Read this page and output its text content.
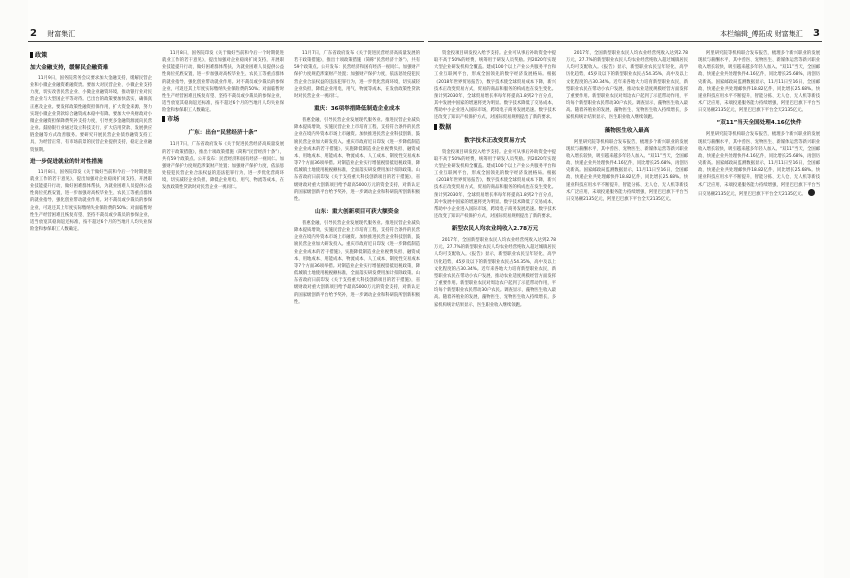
2 财富集汇
政策
加大金融支持，缓解民企融资难

11月9日，国务院常务会议要求加大金融支持，缓解民营企业和小微企业融资难融资贵。要加大对民营企业、小微企业支持力度，切实改善民营企业、小微企业融资环境，推动银行业对民营企业与大型国企平等对待。已出台的政策要加快落实，确保真正惠及企业。要发挥政策性融资担保作用，扩大资金来源，努力实现小微企业贷款综合融资成本稳中有降。要加大中央财政对小微企业融资担保降费奖补支持力度，引导更多金融资源流向民营企业。鼓励银行业通过设立科技支行、扩大信用贷款、发展供应链金融等方式改善服务。要研究开展民营企业债券融资支持工具，为经营正常、有市场前景的民营企业提供支持，稳定企业融资预期。

进一步促进就业的针对性措施

11月8日，国务院印发《关于做好当前和今后一个时期促进就业工作的若干意见》，提出加强对企业稳岗扩岗支持，开展职业技能提升行动，做好困难群体帮扶，为就业困难人员提供公益性岗位托底安置，进一步加强对高校毕业生、农民工等重点群体的就业指导，强化创业带动就业作用。对不裁员或少裁员的参保企业，可返还其上年度实际缴纳失业保险费的50%；对面临暂时性生产经营困难且恢复有望、坚持不裁员或少裁员的参保企业，适当放宽其稳岗返还标准，按不超过6个月的当地月人均失业保险金和参保职工人数确定。

11月8日，国务院印发《关于做好当前和今后一个时期促进就业工作的若干意见》，提出加强对企业稳岗扩岗支持，开展职业技能提升行动，做好困难群体帮扶，为就业困难人员提供公益性岗位托底安置，进一步加强对高校毕业生、农民工等重点群体的就业指导，强化创业带动就业作用。对不裁员或少裁员的参保企业，可返还其上年度实际缴纳失业保险费的50%；对面临暂时性生产经营困难且恢复有望、坚持不裁员或少裁员的参保企业，适当放宽其稳岗返还标准，按不超过6个月的当地月人均失业保险金和参保职工人数确定。

市场
广东：出台“民营经济十条”

11月7日，广东省政府发布《关于促进民营经济高质量发展的若干政策措施》，推出十项政策措施（简称“民营经济十条”），共有59个政策点。公开发布：民营经济和国有经济一视同仁。加强财产保护力度规范涉案财产处置；加强财产保护力度，依法惩处侵犯民营企业合法权益的违法犯罪行为，进一步优化营商环境，切实减轻企业负担，降低企业用电、用气、物流等成本，在发放政策性贷款时对民营企业一视同仁。

11月7日，广东省政府发布《关于促进民营经济高质量发展的若干政策措施》，推出十项政策措施（简称“民营经济十条”），共有59个政策点。公开发布：民营经济和国有经济一视同仁。加强财产保护力度规范涉案财产处置；加强财产保护力度，依法惩处侵犯民营企业合法权益的违法犯罪行为，进一步优化营商环境，切实减轻企业负担，降低企业用电、用气、物流等成本，在发放政策性贷款时对民营企业一视同仁。

重庆：36项举措降低制造企业成本

普惠金融，引导民营企业发展现代服务业。推进民营企业减负降本提质增效，实施民营企业上市培育工程，支持符合条件的民营企业在境内外资本市场上市融资。加快推进民营企业科技创新，鼓励民营企业加大研发投入。重庆市政府近日印发《进一步降低制造业企业成本的若干措施》，实施降低制造业企业税费负担、融资成本、用地成本、用能成本、物流成本、人工成本、制度性交易成本等7个方面36项举措。对制造业企业实行增值税留抵退税政策，降低城镇土地使用税税额标准，全面落实研发费用加计扣除政策。山东省政府日前印发《关于支持重大科技创新项目的若干措施》，省级财政对重大创新项目给予最高5000万元的资金支持，对新认定的国家级创新平台给予奖补，进一步调动企业和科研院所创新积极性。

山东：重大创新项目可获大额资金

普惠金融，引导民营企业发展现代服务业。推进民营企业减负降本提质增效，实施民营企业上市培育工程，支持符合条件的民营企业在境内外资本市场上市融资。加快推进民营企业科技创新，鼓励民营企业加大研发投入。重庆市政府近日印发《进一步降低制造业企业成本的若干措施》，实施降低制造业企业税费负担、融资成本、用地成本、用能成本、物流成本、人工成本、制度性交易成本等7个方面36项举措。对制造业企业实行增值税留抵退税政策，降低城镇土地使用税税额标准，全面落实研发费用加计扣除政策。山东省政府日前印发《关于支持重大科技创新项目的若干措施》，省级财政对重大创新项目给予最高5000万元的资金支持，对新认定的国家级创新平台给予奖补，进一步调动企业和科研院所创新积极性。

本栏编辑_傅拓成 财富集汇 3

资金投项目研发投入给予支持。企业可从事后补助资金中提取不高于50%的经费，统筹用于研发人员奖励。到2020年实现大型企业研发机构全覆盖。建成100个以上产业公共服务平台和工业互联网平台，形成全国领先的数字经济发展格局。根据《2018年世界贸易报告》，数字技术使全球贸易成本下降，新兴技术正改变贸易方式，贸易的商品和服务的构成也在发生变化。预计到2030年，全球贸易增长率每年将提高1.8到2个百分点，其中发展中国家的增速将更为明显。数字技术降低了交易成本，帮助中小企业进入国际市场，跨境电子商务发展迅速。数字技术还改变了知识产权保护方式，对国际贸易规则提出了新的要求。

数据
数字技术正改变贸易方式

资金投项目研发投入给予支持。企业可从事后补助资金中提取不高于50%的经费，统筹用于研发人员奖励。到2020年实现大型企业研发机构全覆盖。建成100个以上产业公共服务平台和工业互联网平台，形成全国领先的数字经济发展格局。根据《2018年世界贸易报告》，数字技术使全球贸易成本下降，新兴技术正改变贸易方式，贸易的商品和服务的构成也在发生变化。预计到2030年，全球贸易增长率每年将提高1.8到2个百分点，其中发展中国家的增速将更为明显。数字技术降低了交易成本，帮助中小企业进入国际市场，跨境电子商务发展迅速。数字技术还改变了知识产权保护方式，对国际贸易规则提出了新的要求。

新型农民人均农业纯收入2.78万元

2017年，全国新型职业农民人均农业经营纯收入达到2.78万元，27.7%的新型职业农民人均农业经营纯收入超过城镇居民人均可支配收入。《报告》显示，新型职业农民呈年轻化、高学历化趋势，45岁及以下的新型职业农民占54.35%，高中及以上文化程度的占30.34%。近年来各地大力培育新型职业农民，新型职业农民在带动小农户发展、推动农业适度规模经营方面发挥了重要作用。新型职业农民对周边农户起到了示范带动作用，平均每个新型职业农民带动30户农民。调查显示，藻物医生收入最高。随着养殖业的发展，藻物医生、宠物医生收入持续增长，多家机构统计结果显示，医生职业收入继续领跑。

2017年，全国新型职业农民人均农业经营纯收入达到2.78万元，27.7%的新型职业农民人均农业经营纯收入超过城镇居民人均可支配收入。《报告》显示，新型职业农民呈年轻化、高学历化趋势，45岁及以下的新型职业农民占54.35%，高中及以上文化程度的占30.34%。近年来各地大力培育新型职业农民，新型职业农民在带动小农户发展、推动农业适度规模经营方面发挥了重要作用。新型职业农民对周边农户起到了示范带动作用，平均每个新型职业农民带动30户农民。调查显示，藻物医生收入最高。随着养殖业的发展，藻物医生、宠物医生收入持续增长，多家机构统计结果显示，医生职业收入继续领跑。

藻物医生收入最高

阿里研究院等机构联合发布报告，梳理多个新兴职业的发展现状与薪酬水平，其中兽医、宠物医生、新媒体运营等新兴职业收入增长较快，吸引越来越多年轻人加入。“双11”当天，全国邮政、快递企业共处理快件4.16亿件，同比增长25.68%，再创历史新高。国家邮政局监测数据显示，11月11日至16日，全国邮政、快递企业共处理邮快件18.82亿件，同比增长25.68%。快递业科技应用水平不断提升，智能分拣、无人仓、无人机等新技术广泛应用，末端投递服务能力持续增强，阿里巴巴旗下平台当日交易额2135亿元，阿里巴巴旗下平台全天2135亿元。

阿里研究院等机构联合发布报告，梳理多个新兴职业的发展现状与薪酬水平，其中兽医、宠物医生、新媒体运营等新兴职业收入增长较快，吸引越来越多年轻人加入。“双11”当天，全国邮政、快递企业共处理快件4.16亿件，同比增长25.68%，再创历史新高。国家邮政局监测数据显示，11月11日至16日，全国邮政、快递企业共处理邮快件18.82亿件，同比增长25.68%。快递业科技应用水平不断提升，智能分拣、无人仓、无人机等新技术广泛应用，末端投递服务能力持续增强，阿里巴巴旗下平台当日交易额2135亿元，阿里巴巴旗下平台全天2135亿元。

“双11”当天全国处理4.16亿快件

阿里研究院等机构联合发布报告，梳理多个新兴职业的发展现状与薪酬水平，其中兽医、宠物医生、新媒体运营等新兴职业收入增长较快，吸引越来越多年轻人加入。“双11”当天，全国邮政、快递企业共处理快件4.16亿件，同比增长25.68%，再创历史新高。国家邮政局监测数据显示，11月11日至16日，全国邮政、快递企业共处理邮快件18.82亿件，同比增长25.68%。快递业科技应用水平不断提升，智能分拣、无人仓、无人机等新技术广泛应用，末端投递服务能力持续增强，阿里巴巴旗下平台当日交易额2135亿元，阿里巴巴旗下平台全天2135亿元。
